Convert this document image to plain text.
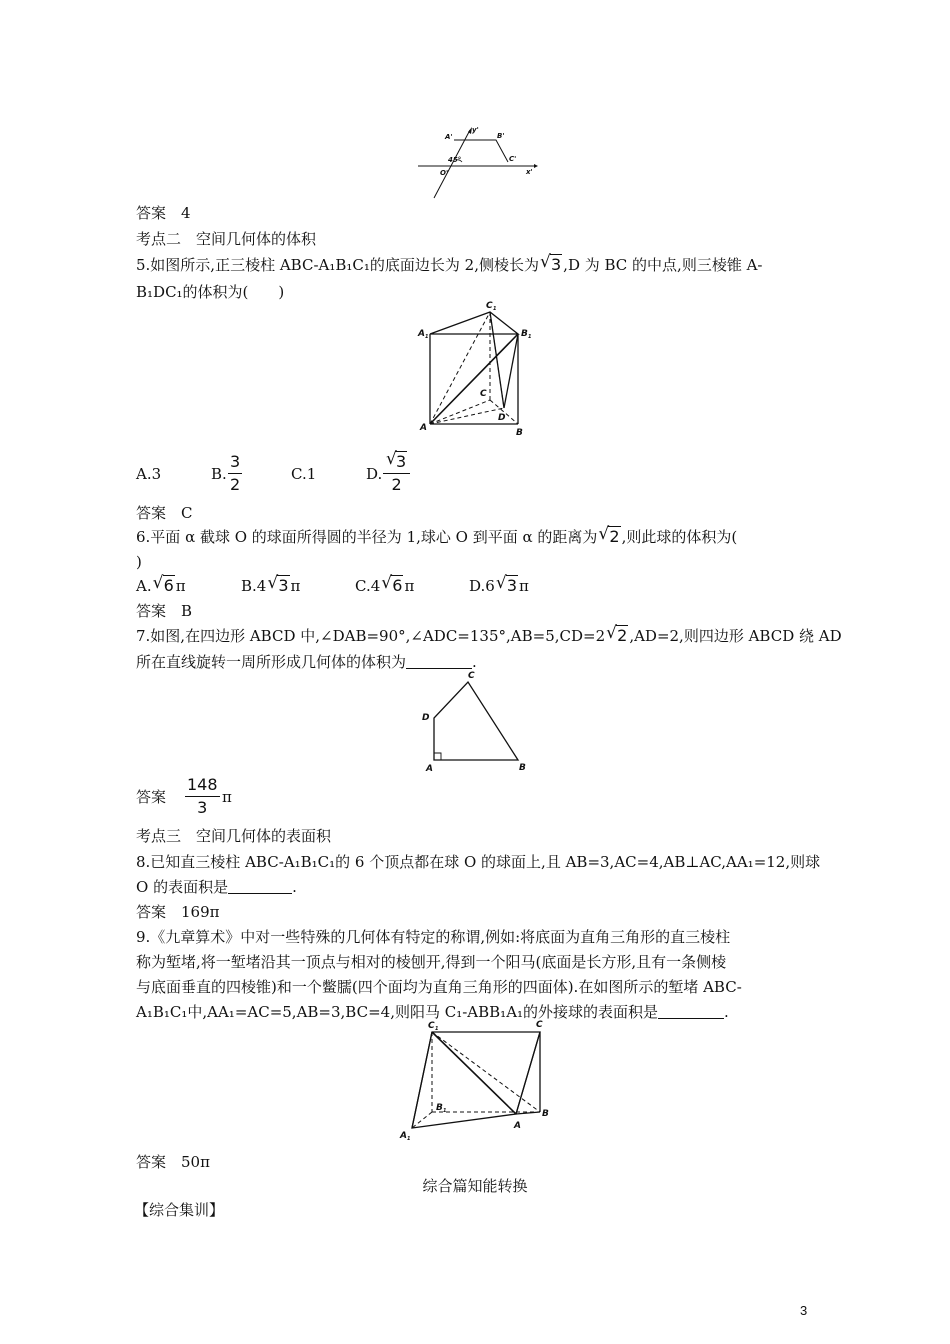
y'
A'	B'
C'
45°
O'	x'
答案　4
考点二　空间几何体的体积
5.如图所示,正三棱柱 ABC-A₁B₁C₁的底面边长为 2,侧棱长为 √ 3 ,D 为 BC 的中点,则三棱锥 A-
B₁DC₁的体积为(　　)
C 1
A 1	B 1
C
D
A	B
A.3	B. $\frac{3}{2}$	C.1	D. √ $\frac{3}{2}$
答案　C
6.平面 α 截球 O 的球面所得圆的半径为 1,球心 O 到平面 α 的距离为 √ 2 ,则此球的体积为(
)
A. √ 6 π	B.4 √ 3 π	C.4 √ 6 π	D.6 √ 3 π
答案　B
7.如图,在四边形 ABCD 中,∠DAB=90°,∠ADC=135°,AB=5,CD=2 √ 2 ,AD=2,则四边形 ABCD 绕 AD
所在直线旋转一周所形成几何体的体积为	.
C
D
A	B
答案 $\frac{148}{3}$ π
考点三　空间几何体的表面积
8.已知直三棱柱 ABC-A₁B₁C₁的 6 个顶点都在球 O 的球面上,且 AB=3,AC=4,AB⊥AC,AA₁=12,则球
O 的表面积是	.
答案　169π
9.《九章算术》中对一些特殊的几何体有特定的称谓,例如:将底面为直角三角形的直三棱柱
称为堑堵,将一堑堵沿其一顶点与相对的棱刨开,得到一个阳马(底面是长方形,且有一条侧棱
与底面垂直的四棱锥)和一个鳖臑(四个面均为直角三角形的四面体).在如图所示的堑堵 ABC-
A₁B₁C₁中,AA₁=AC=5,AB=3,BC=4,则阳马 C₁-ABB₁A₁的外接球的表面积是	.
C 1	C
B 1	B
A 1
A
答案　50π
综合篇知能转换
【综合集训】
3
